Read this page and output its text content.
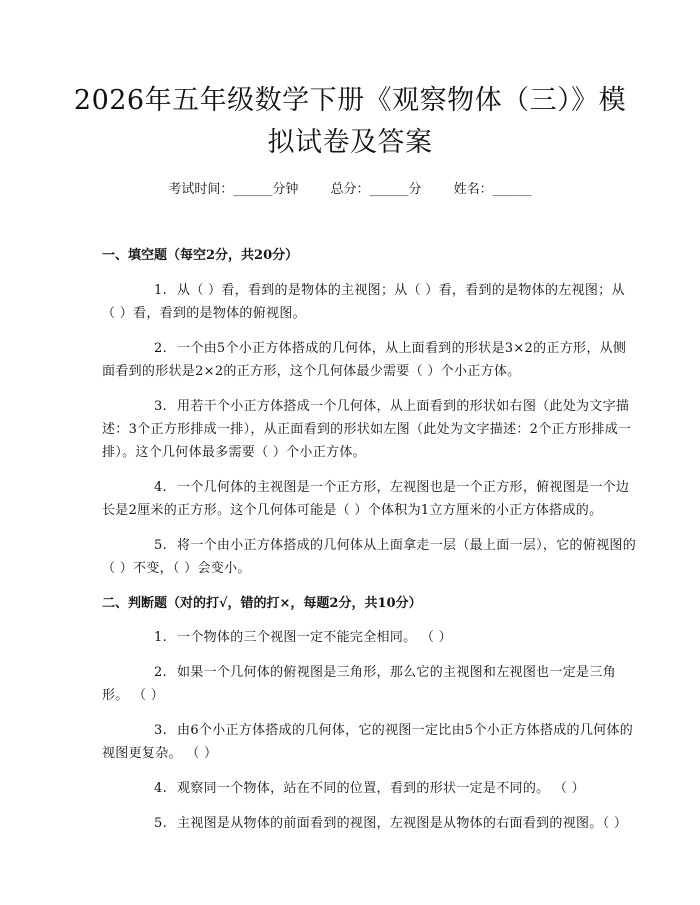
2026年五年级数学下册《观察物体（三）》模拟试卷及答案
考试时间：______分钟 总分：______分 姓名：______

一、填空题（每空2分，共20分）

1. 从（ ）看，看到的是物体的主视图；从（ ）看，看到的是物体的左视图；从（ ）看，看到的是物体的俯视图。

2. 一个由5个小正方体搭成的几何体，从上面看到的形状是3×2的正方形，从侧面看到的形状是2×2的正方形，这个几何体最少需要（ ）个小正方体。

3. 用若干个小正方体搭成一个几何体，从上面看到的形状如右图（此处为文字描述：3个正方形排成一排），从正面看到的形状如左图（此处为文字描述：2个正方形排成一排）。这个几何体最多需要（ ）个小正方体。

4. 一个几何体的主视图是一个正方形，左视图也是一个正方形，俯视图是一个边长是2厘米的正方形。这个几何体可能是（ ）个体积为1立方厘米的小正方体搭成的。

5. 将一个由小正方体搭成的几何体从上面拿走一层（最上面一层），它的俯视图的（ ）不变，（ ）会变小。

二、判断题（对的打√，错的打×，每题2分，共10分）

1. 一个物体的三个视图一定不能完全相同。 （ ）

2. 如果一个几何体的俯视图是三角形，那么它的主视图和左视图也一定是三角形。 （ ）

3. 由6个小正方体搭成的几何体，它的视图一定比由5个小正方体搭成的几何体的视图更复杂。 （ ）

4. 观察同一个物体，站在不同的位置，看到的形状一定是不同的。 （ ）

5. 主视图是从物体的前面看到的视图，左视图是从物体的右面看到的视图。（ ）
